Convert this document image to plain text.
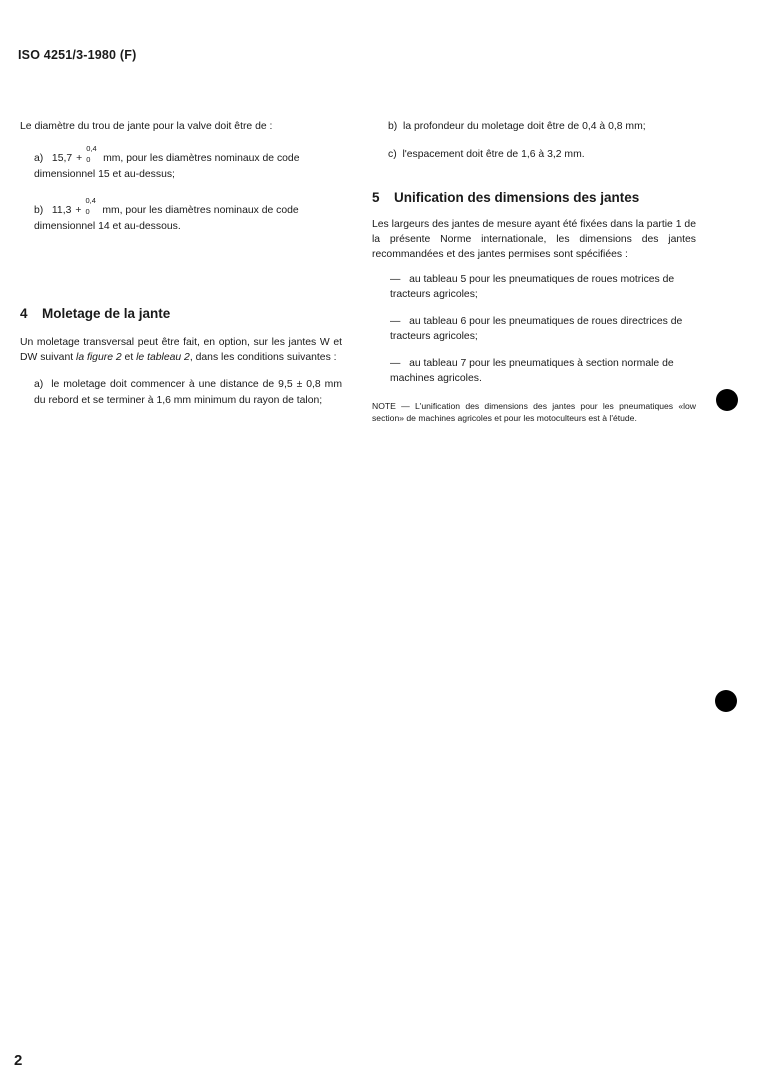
ISO 4251/3-1980 (F)

Le diamètre du trou de jante pour la valve doit être de :

a) 15,7 +
0,4
0 mm, pour les diamètres nominaux de code

dimensionnel 15 et au-dessus;

b) 11,3 +
0,4
0 mm, pour les diamètres nominaux de code

dimensionnel 14 et au-dessous.

4 Moletage de la jante

Un moletage transversal peut être fait, en option, sur les jantes W et DW suivant la figure 2 et le tableau 2, dans les conditions suivantes :

a) le moletage doit commencer à une distance de 9,5 ± 0,8 mm du rebord et se terminer à 1,6 mm minimum du rayon de talon;

b) la profondeur du moletage doit être de 0,4 à 0,8 mm;

c) l'espacement doit être de 1,6 à 3,2 mm.

5 Unification des dimensions des jantes

Les largeurs des jantes de mesure ayant été fixées dans la partie 1 de la présente Norme internationale, les dimensions des jantes recommandées et des jantes permises sont spécifiées :

— au tableau 5 pour les pneumatiques de roues motrices de tracteurs agricoles;

— au tableau 6 pour les pneumatiques de roues directrices de tracteurs agricoles;

— au tableau 7 pour les pneumatiques à section normale de machines agricoles.

NOTE — L'unification des dimensions des jantes pour les pneumatiques «low section» de machines agricoles et pour les motoculteurs est à l'étude.

2
